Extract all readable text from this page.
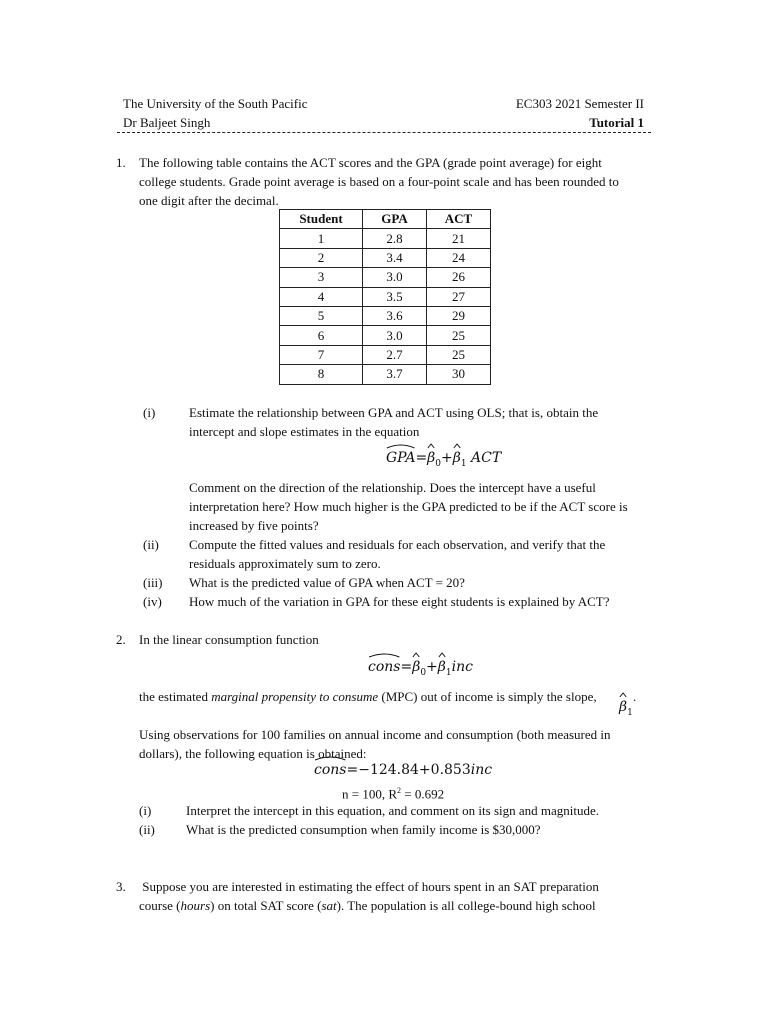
The University of the South Pacific	EC303 2021 Semester II
Dr Baljeet Singh	Tutorial 1
1. The following table contains the ACT scores and the GPA (grade point average) for eight
college students. Grade point average is based on a four-point scale and has been rounded to
one digit after the decimal.
Student	GPA	ACT
1	2.8	21
2	3.4	24
3	3.0	26
4	3.5	27
5	3.6	29
6	3.0	25
7	2.7	25
8	3.7	30
(i)	Estimate the relationship between GPA and ACT using OLS; that is, obtain the
intercept and slope estimates in the equation
GPA=
$\beta_0+$
$\beta_1$ ACT
Comment on the direction of the relationship. Does the intercept have a useful
interpretation here? How much higher is the GPA predicted to be if the ACT score is
increased by five points?
(ii) Compute the fitted values and residuals for each observation, and verify that the
residuals approximately sum to zero.
(iii) What is the predicted value of GPA when ACT = 20?
(iv) How much of the variation in GPA for these eight students is explained by ACT?
2. In the linear consumption function
cons=
$\beta_0+$
$\beta_1inc$
the estimated marginal propensity to consume (MPC) out of income is simply the slope,
$\beta_1$
.
Using observations for 100 families on annual income and consumption (both measured in
dollars), the following equation is obtained:
cons=−124.84+0.853inc
n = 100, $R^2 = 0.692$
(i)	Interpret the intercept in this equation, and comment on its sign and magnitude.
(ii) What is the predicted consumption when family income is $30,000?
3. Suppose you are interested in estimating the effect of hours spent in an SAT preparation
course (hours) on total SAT score (sat). The population is all college-bound high school
